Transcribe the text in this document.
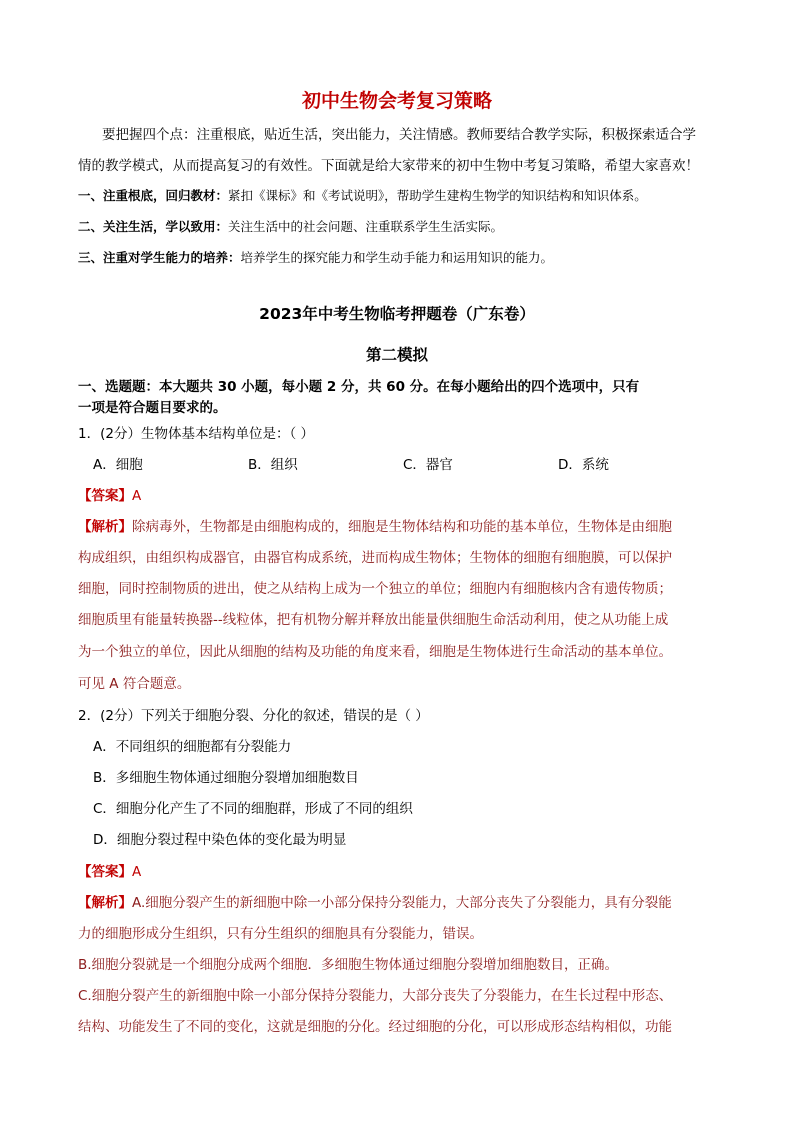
初中生物会考复习策略
要把握四个点：注重根底，贴近生活，突出能力，关注情感。教师要结合教学实际，积极探索适合学
情的教学模式，从而提高复习的有效性。下面就是给大家带来的初中生物中考复习策略，希望大家喜欢！
一、注重根底，回归教材：紧扣《课标》和《考试说明》，帮助学生建构生物学的知识结构和知识体系。
二、关注生活，学以致用：关注生活中的社会问题、注重联系学生生活实际。
三、注重对学生能力的培养：培养学生的探究能力和学生动手能力和运用知识的能力。
2023年中考生物临考押题卷（广东卷）
第二模拟
一、选题题：本大题共 30 小题，每小题 2 分，共 60 分。在每小题给出的四个选项中，只有
一项是符合题目要求的。
1．(2分）生物体基本结构单位是：（ ）
A．细胞	B．组织	C．器官	D．系统
【答案】A
【解析】除病毒外，生物都是由细胞构成的，细胞是生物体结构和功能的基本单位，生物体是由细胞
构成组织，由组织构成器官，由器官构成系统，进而构成生物体；生物体的细胞有细胞膜，可以保护
细胞，同时控制物质的进出，使之从结构上成为一个独立的单位；细胞内有细胞核内含有遗传物质；
细胞质里有能量转换器--线粒体，把有机物分解并释放出能量供细胞生命活动利用，使之从功能上成
为一个独立的单位，因此从细胞的结构及功能的角度来看，细胞是生物体进行生命活动的基本单位。
可见 A 符合题意。
2．(2分）下列关于细胞分裂、分化的叙述，错误的是（ ）
A．不同组织的细胞都有分裂能力
B．多细胞生物体通过细胞分裂增加细胞数目
C．细胞分化产生了不同的细胞群，形成了不同的组织
D．细胞分裂过程中染色体的变化最为明显
【答案】A
【解析】A.细胞分裂产生的新细胞中除一小部分保持分裂能力，大部分丧失了分裂能力，具有分裂能
力的细胞形成分生组织，只有分生组织的细胞具有分裂能力，错误。
B.细胞分裂就是一个细胞分成两个细胞．多细胞生物体通过细胞分裂增加细胞数目，正确。
C.细胞分裂产生的新细胞中除一小部分保持分裂能力，大部分丧失了分裂能力，在生长过程中形态、
结构、功能发生了不同的变化，这就是细胞的分化。经过细胞的分化，可以形成形态结构相似，功能
